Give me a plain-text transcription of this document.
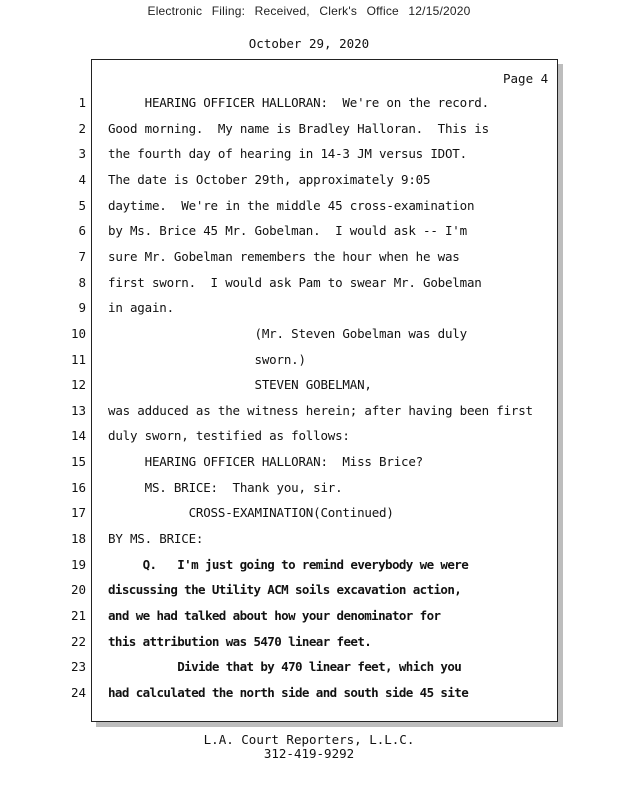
Electronic Filing: Received, Clerk's Office 12/15/2020
October 29, 2020
Page 4
1 HEARING OFFICER HALLORAN:  We're on the record.
2 Good morning.  My name is Bradley Halloran.  This is
3 the fourth day of hearing in 14-3 JM versus IDOT.
4 The date is October 29th, approximately 9:05
5 daytime.  We're in the middle 45 cross-examination
6 by Ms. Brice 45 Mr. Gobelman.  I would ask -- I'm
7 sure Mr. Gobelman remembers the hour when he was
8 first sworn.  I would ask Pam to swear Mr. Gobelman
9 in again.
10 (Mr. Steven Gobelman was duly
11 sworn.)
12 STEVEN GOBELMAN,
13 was adduced as the witness herein; after having been first
14 duly sworn, testified as follows:
15 HEARING OFFICER HALLORAN:  Miss Brice?
16 MS. BRICE:  Thank you, sir.
17 CROSS-EXAMINATION(Continued)
18 BY MS. BRICE:
19 Q.   I'm just going to remind everybody we were
20 discussing the Utility ACM soils excavation action,
21 and we had talked about how your denominator for
22 this attribution was 5470 linear feet.
23 Divide that by 470 linear feet, which you
24 had calculated the north side and south side 45 site
L.A. Court Reporters, L.L.C.
312-419-9292
